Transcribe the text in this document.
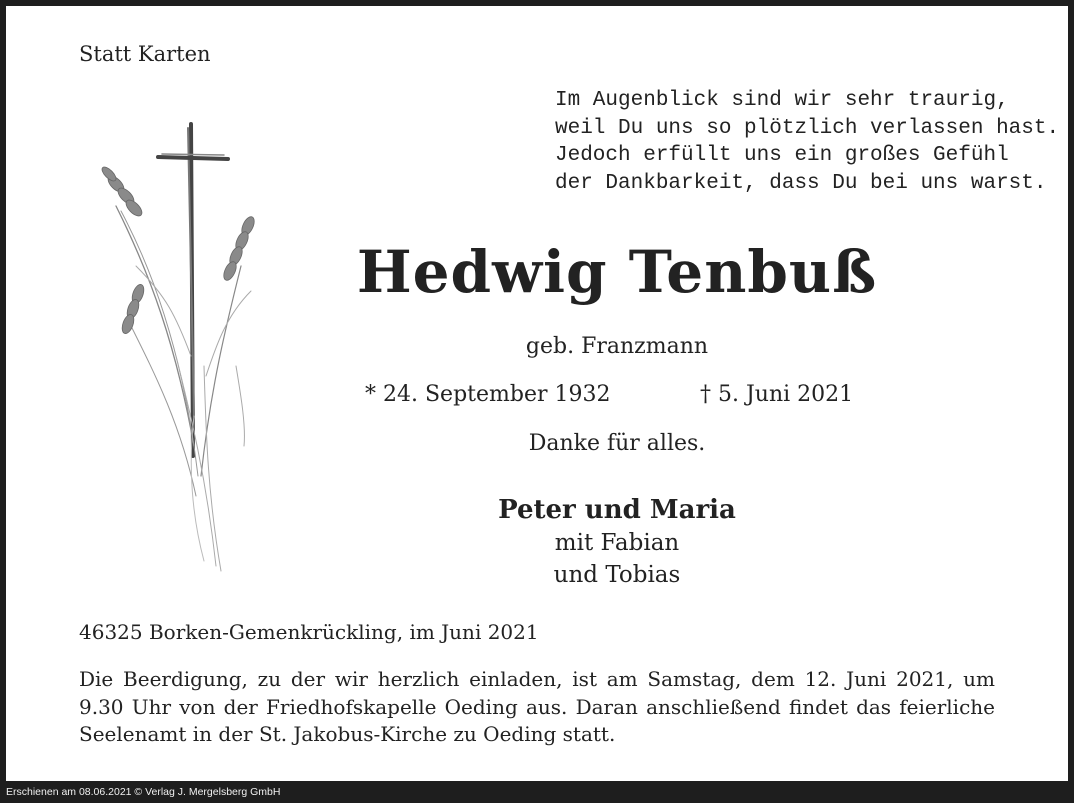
Statt Karten
Im Augenblick sind wir sehr traurig,
weil Du uns so plötzlich verlassen hast.
Jedoch erfüllt uns ein großes Gefühl
der Dankbarkeit, dass Du bei uns warst.
Hedwig Tenbuß
geb. Franzmann
* 24. September 1932	† 5. Juni 2021
Danke für alles.
Peter und Maria
mit Fabian
und Tobias
46325 Borken-Gemenkrückling, im Juni 2021

Die Beerdigung, zu der wir herzlich einladen, ist am Samstag, dem 12. Juni 2021, um 9.30 Uhr von der Friedhofskapelle Oeding aus. Daran anschließend findet das feierliche Seelenamt in der St. Jakobus-Kirche zu Oeding statt.

Erschienen am 08.06.2021 © Verlag J. Mergelsberg GmbH
